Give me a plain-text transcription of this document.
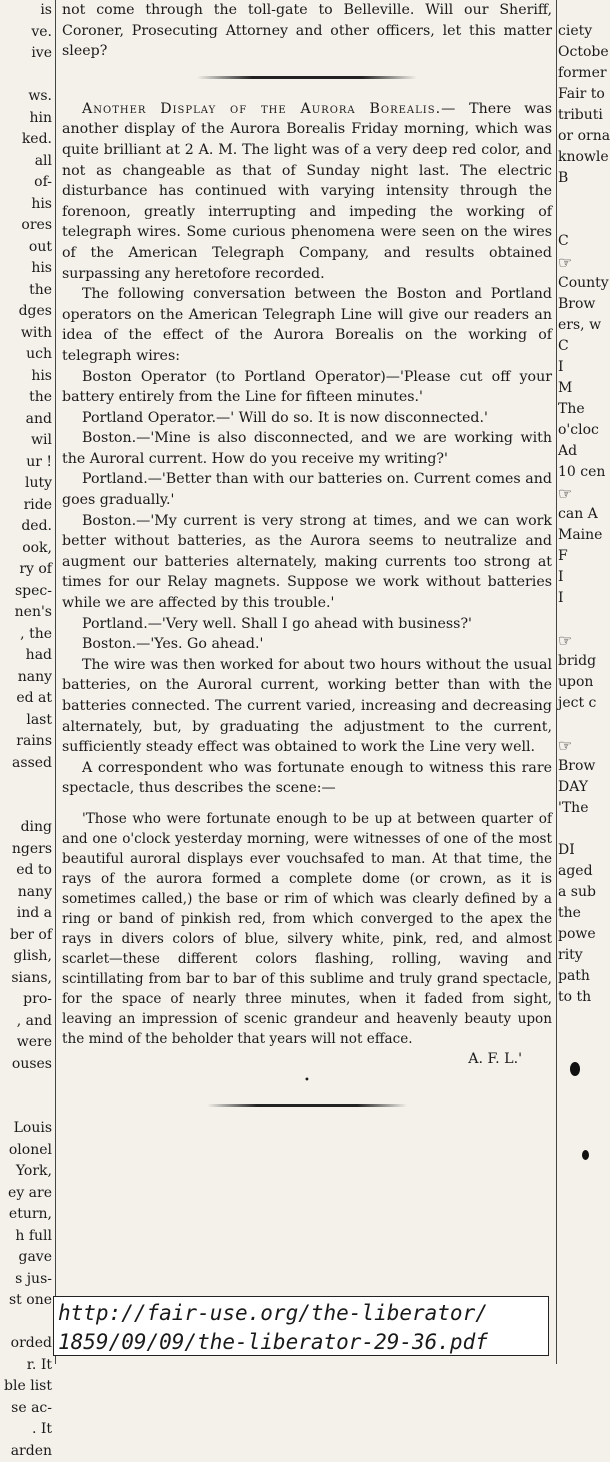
is
ve.
ive

ws.
hin
ked.
all
of-
his
ores
out
his
the
dges
with
uch
his
the
and
wil
ur !
luty
ride
ded.
ook,
ry of
spec-
nen's
, the
had
nany
ed at
last
rains
assed

ding
ngers
ed to
nany
ind a
ber of
glish,
sians,
pro-
, and
were
ouses

Louis
olonel
York,
ey are
eturn,
h full
gave
s jus-
st one

orded
r. It
ble list
se ac-
. It
arden

not come through the toll-gate to Belleville. Will our Sheriff, Coroner, Prosecuting Attorney and other officers, let this matter sleep?

Another Display of the Aurora Borealis.— There was another display of the Aurora Borealis Friday morning, which was quite brilliant at 2 A. M. The light was of a very deep red color, and not as changeable as that of Sunday night last. The electric disturbance has continued with varying intensity through the forenoon, greatly interrupting and impeding the working of telegraph wires. Some curious phenomena were seen on the wires of the American Telegraph Company, and results obtained surpassing any heretofore recorded.

The following conversation between the Boston and Portland operators on the American Telegraph Line will give our readers an idea of the effect of the Aurora Borealis on the working of telegraph wires:

Boston Operator (to Portland Operator)—'Please cut off your battery entirely from the Line for fifteen minutes.'

Portland Operator.—' Will do so. It is now disconnected.'

Boston.—'Mine is also disconnected, and we are working with the Auroral current. How do you receive my writing?'

Portland.—'Better than with our batteries on. Current comes and goes gradually.'

Boston.—'My current is very strong at times, and we can work better without batteries, as the Aurora seems to neutralize and augment our batteries alternately, making currents too strong at times for our Relay magnets. Suppose we work without batteries while we are affected by this trouble.'

Portland.—'Very well. Shall I go ahead with business?'

Boston.—'Yes. Go ahead.'

The wire was then worked for about two hours without the usual batteries, on the Auroral current, working better than with the batteries connected. The current varied, increasing and decreasing alternately, but, by graduating the adjustment to the current, sufficiently steady effect was obtained to work the Line very well.

A correspondent who was fortunate enough to witness this rare spectacle, thus describes the scene:—

'Those who were fortunate enough to be up at between quarter of and one o'clock yesterday morning, were witnesses of one of the most beautiful auroral displays ever vouchsafed to man. At that time, the rays of the aurora formed a complete dome (or crown, as it is sometimes called,) the base or rim of which was clearly defined by a ring or band of pinkish red, from which converged to the apex the rays in divers colors of blue, silvery white, pink, red, and almost scarlet—these different colors flashing, rolling, waving and scintillating from bar to bar of this sublime and truly grand spectacle, for the space of nearly three minutes, when it faded from sight, leaving an impression of scenic grandeur and heavenly beauty upon the mind of the beholder that years will not efface.

A. F. L.'
•

ciety
Octobe
former
Fair to
tributi
or orna
knowle
B

C
☞
County
Brow
ers, w
C
I
M
The
o'cloc
Ad
10 cen
☞
can A
Maine
F
I
I

☞
bridg
upon
ject c

☞
Brow
DAY
'The

DI
aged
a sub
the
powe
rity
path
to th
http://fair-use.org/the-liberator/
1859/09/09/the-liberator-29-36.pdf
